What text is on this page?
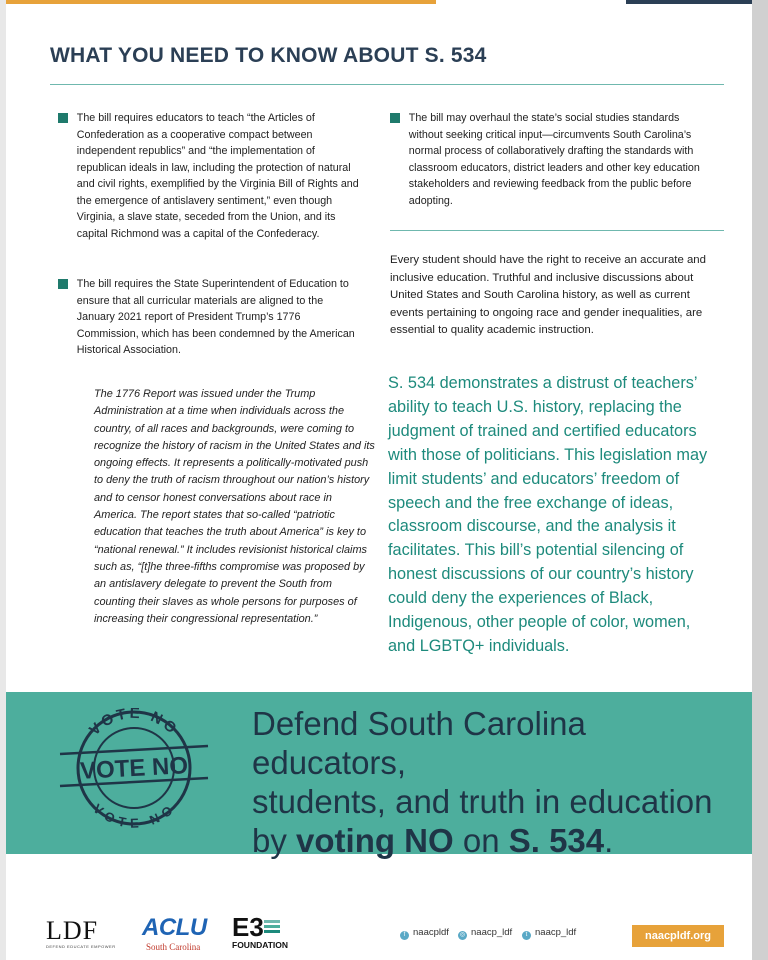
WHAT YOU NEED TO KNOW ABOUT S. 534

The bill requires educators to teach “the Articles of Confederation as a cooperative compact between independent republics” and “the implementation of republican ideals in law, including the protection of natural and civil rights, exemplified by the Virginia Bill of Rights and the emergence of antislavery sentiment,” even though Virginia, a slave state, seceded from the Union, and its capital Richmond was a capital of the Confederacy.

The bill requires the State Superintendent of Education to ensure that all curricular materials are aligned to the January 2021 report of President Trump’s 1776 Commission, which has been condemned by the American Historical Association.

The 1776 Report was issued under the Trump Administration at a time when individuals across the country, of all races and backgrounds, were coming to recognize the history of racism in the United States and its ongoing effects. It represents a politically-motivated push to deny the truth of racism throughout our nation’s history and to censor honest conversations about race in America. The report states that so-called “patriotic education that teaches the truth about America” is key to “national renewal.” It includes revisionist historical claims such as, “[t]he three-fifths compromise was proposed by an antislavery delegate to prevent the South from counting their slaves as whole persons for purposes of increasing their congressional representation.”

The bill may overhaul the state’s social studies standards without seeking critical input—circumvents South Carolina’s normal process of collaboratively drafting the standards with classroom educators, district leaders and other key education stakeholders and reviewing feedback from the public before adopting.

Every student should have the right to receive an accurate and inclusive education. Truthful and inclusive discussions about United States and South Carolina history, as well as current events pertaining to ongoing race and gender inequalities, are essential to quality academic instruction.

S. 534 demonstrates a distrust of teachers’ ability to teach U.S. history, replacing the judgment of trained and certified educators with those of politicians. This legislation may limit students’ and educators’ freedom of speech and the free exchange of ideas, classroom discourse, and the analysis it facilitates. This bill’s potential silencing of honest discussions of our country’s history could deny the experiences of Black, Indigenous, other people of color, women, and LGBTQ+ individuals.

VOTE NO
VOTE NO
VOTE NO

Defend South Carolina educators,
students, and truth in education
by voting NO on S. 534.

LDF
DEFEND EDUCATE EMPOWER
ACLU
South Carolina
E3
FOUNDATION
f naacpldf	◎ naacp_ldf	t naacp_ldf	naacpldf.org
